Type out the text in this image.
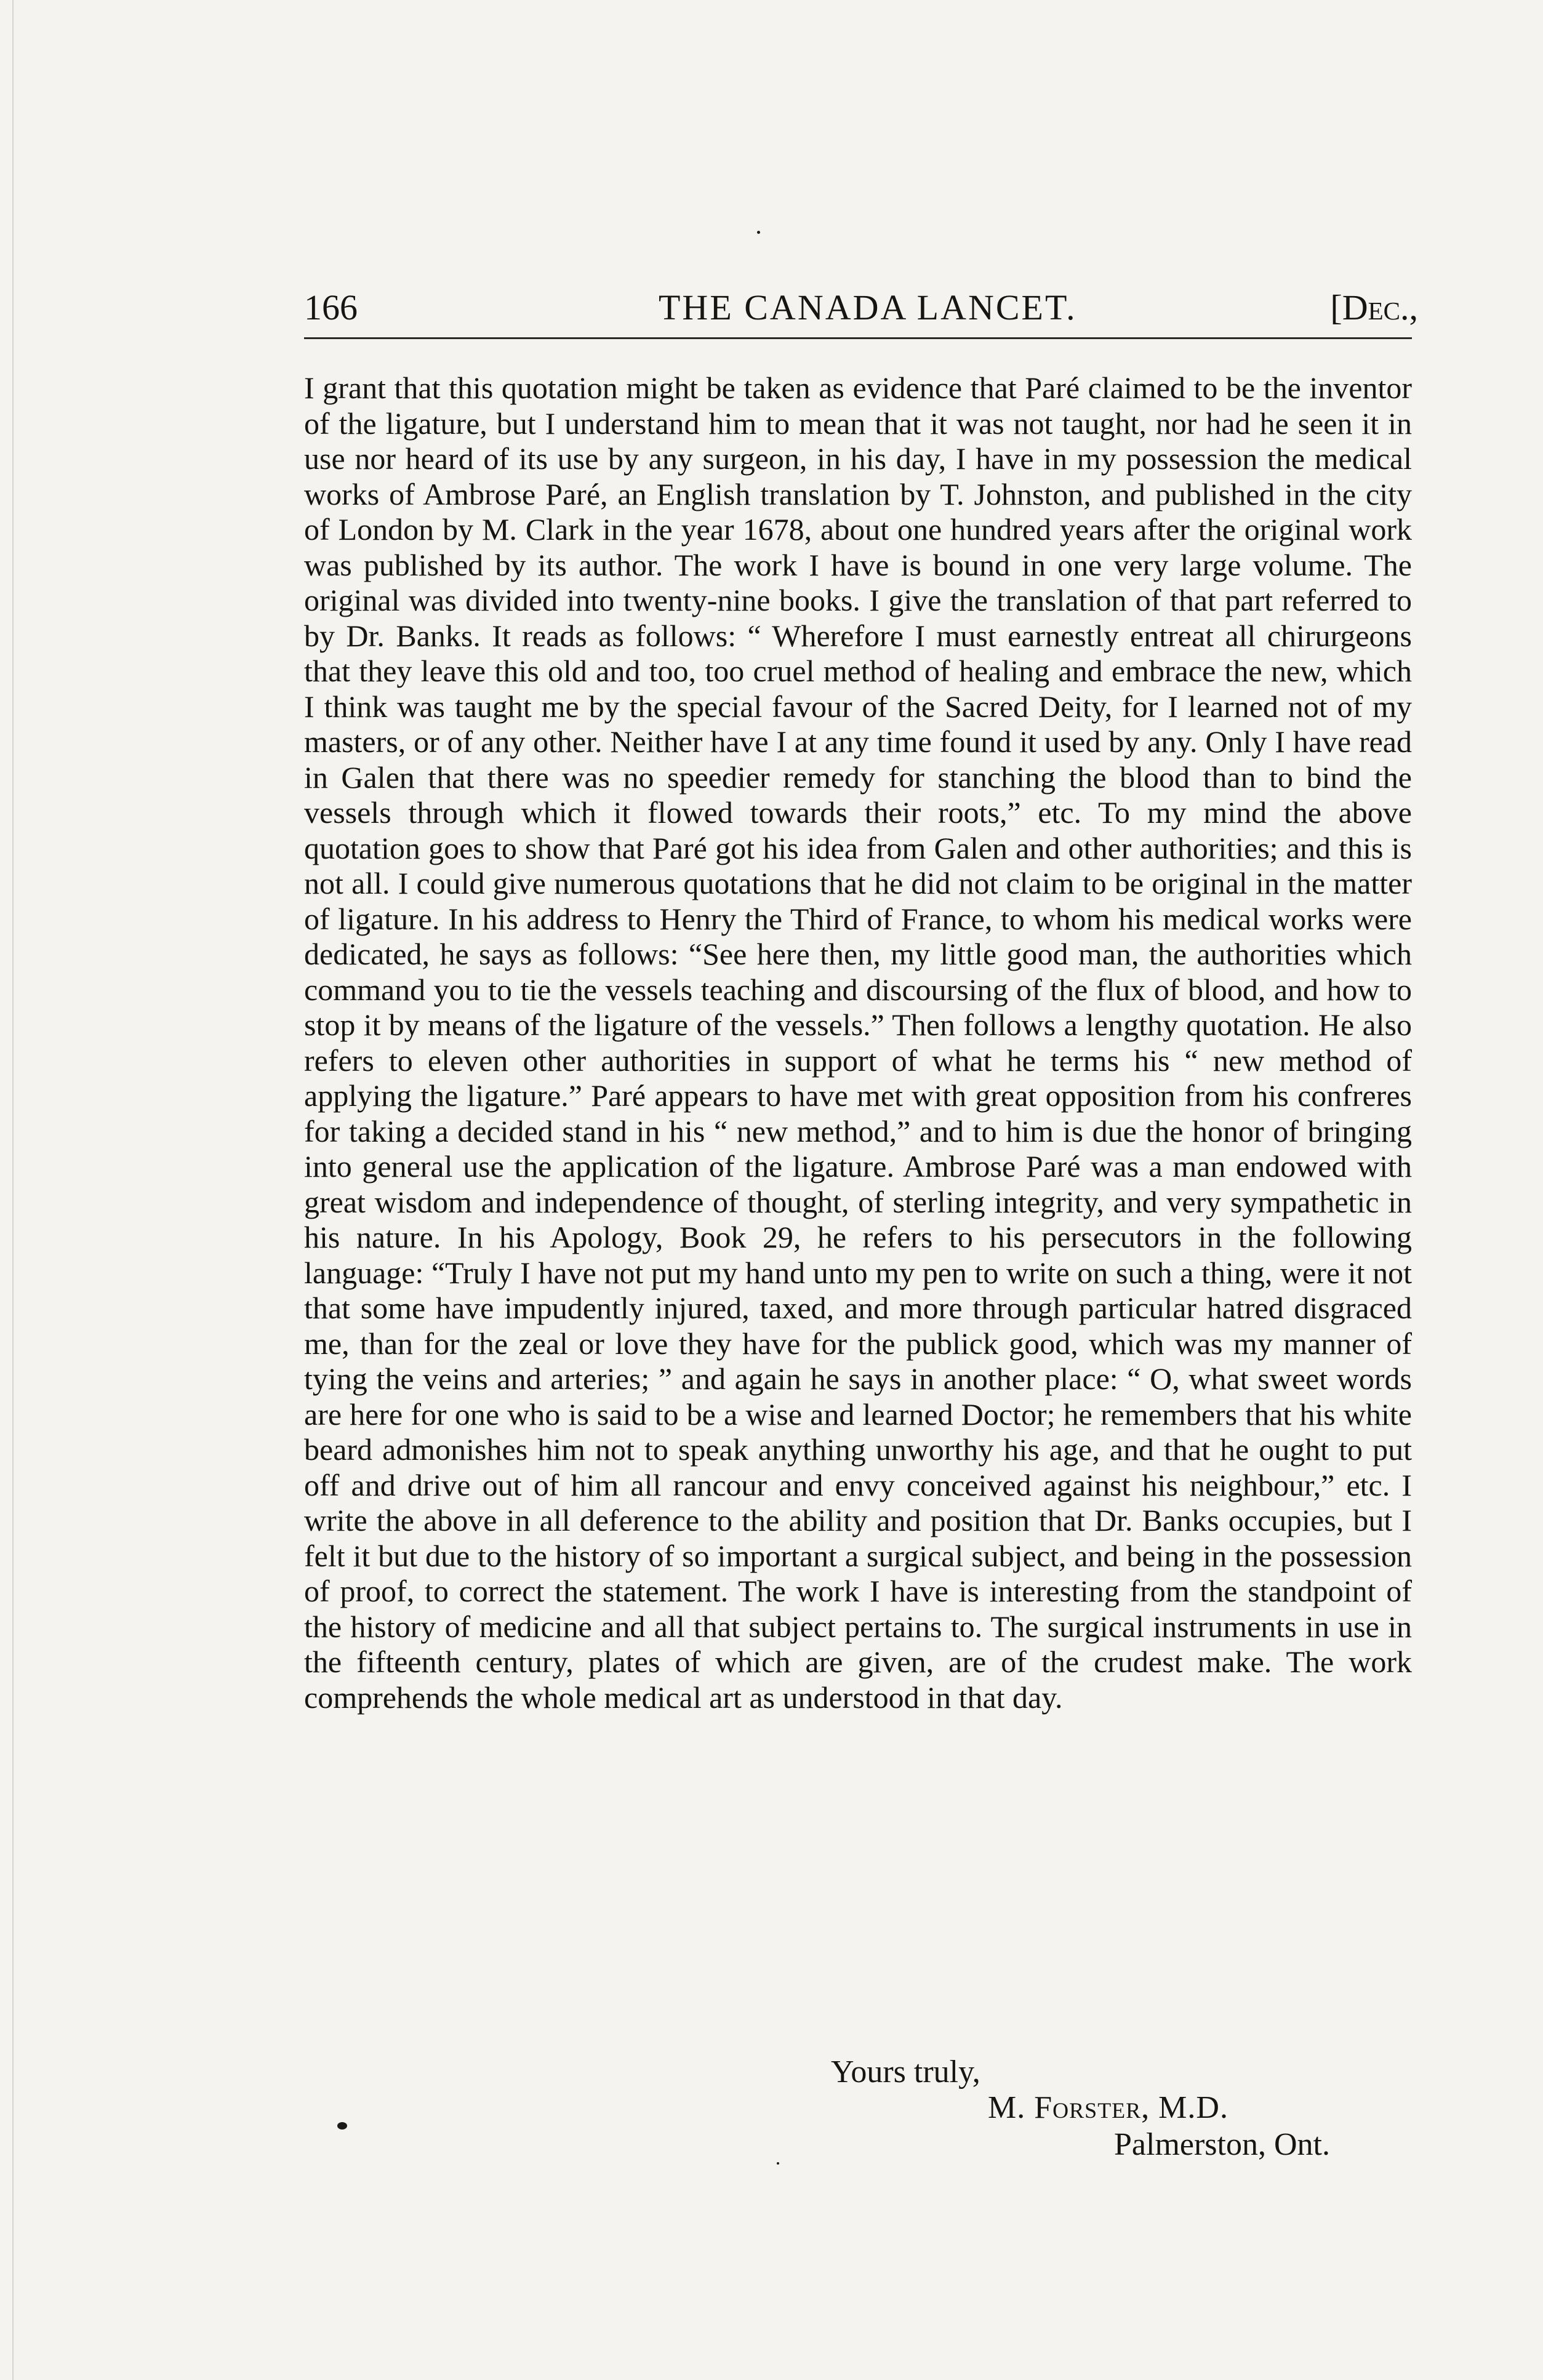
166	THE CANADA LANCET.	[Dec.,

I grant that this quotation might be taken as evidence that Paré claimed to be the inventor of the ligature, but I understand him to mean that it was not taught, nor had he seen it in use nor heard of its use by any surgeon, in his day, I have in my possession the medical works of Ambrose Paré, an English translation by T. Johnston, and published in the city of London by M. Clark in the year 1678, about one hundred years after the original work was published by its author. The work I have is bound in one very large volume. The original was divided into twenty-nine books. I give the translation of that part referred to by Dr. Banks. It reads as follows: “ Wherefore I must earnestly entreat all chirurgeons that they leave this old and too, too cruel method of healing and embrace the new, which I think was taught me by the special favour of the Sacred Deity, for I learned not of my masters, or of any other. Neither have I at any time found it used by any. Only I have read in Galen that there was no speedier remedy for stanching the blood than to bind the vessels through which it flowed towards their roots,” etc. To my mind the above quotation goes to show that Paré got his idea from Galen and other authorities; and this is not all. I could give numerous quotations that he did not claim to be original in the matter of ligature. In his address to Henry the Third of France, to whom his medical works were dedicated, he says as follows: “See here then, my little good man, the authorities which command you to tie the vessels teaching and discoursing of the flux of blood, and how to stop it by means of the ligature of the vessels.” Then follows a lengthy quotation. He also refers to eleven other authorities in support of what he terms his “ new method of applying the ligature.” Paré appears to have met with great opposition from his confreres for taking a decided stand in his “ new method,” and to him is due the honor of bringing into general use the application of the ligature. Ambrose Paré was a man endowed with great wisdom and independence of thought, of sterling integrity, and very sympathetic in his nature. In his Apology, Book 29, he refers to his persecutors in the following language: “Truly I have not put my hand unto my pen to write on such a thing, were it not that some have impudently injured, taxed, and more through particular hatred disgraced me, than for the zeal or love they have for the publick good, which was my manner of tying the veins and arteries; ” and again he says in another place: “ O, what sweet words are here for one who is said to be a wise and learned Doctor; he remembers that his white beard admonishes him not to speak anything unworthy his age, and that he ought to put off and drive out of him all rancour and envy conceived against his neighbour,” etc. I write the above in all deference to the ability and position that Dr. Banks occupies, but I felt it but due to the history of so important a surgical subject, and being in the possession of proof, to correct the statement. The work I have is interesting from the standpoint of the history of medicine and all that subject pertains to. The surgical instruments in use in the fifteenth century, plates of which are given, are of the crudest make. The work comprehends the whole medical art as understood in that day.

Yours truly,
M. Forster, M.D.
Palmerston, Ont.
